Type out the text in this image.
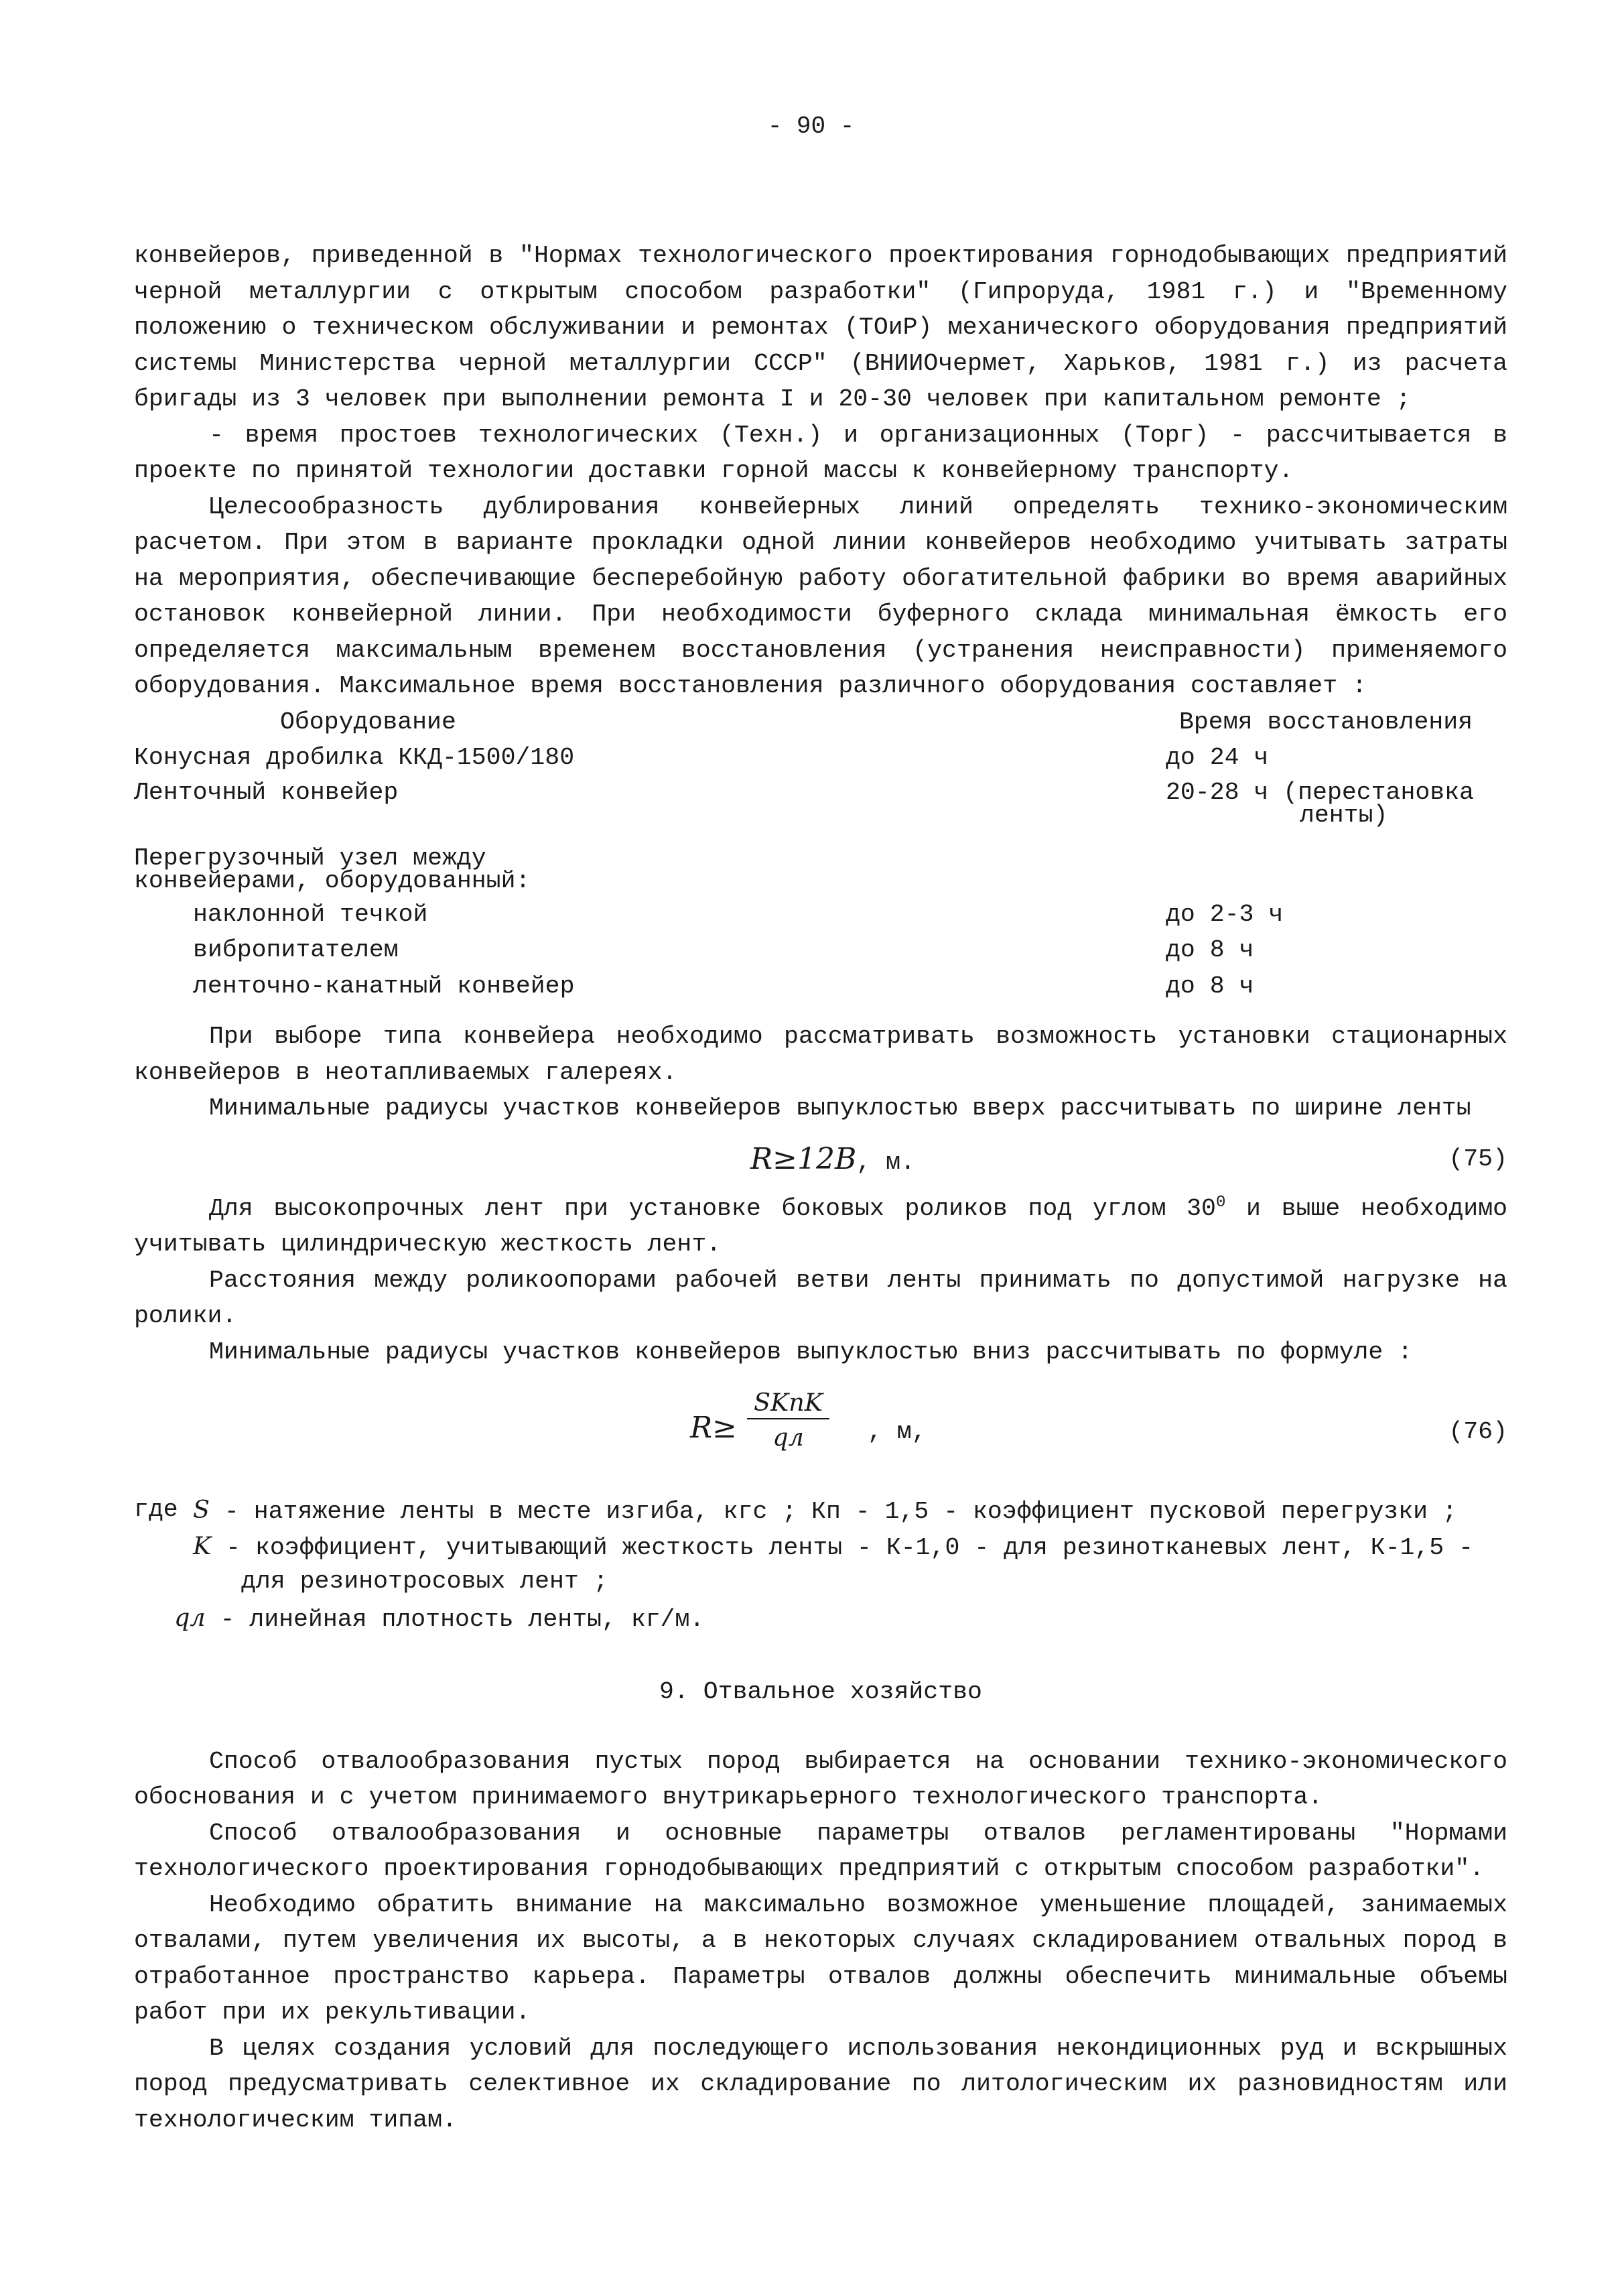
- 90 -

конвейеров, приведенной в "Нормах технологического проектирования горнодобывающих предприятий черной металлургии с открытым способом разработки" (Гипроруда, 1981 г.) и "Временному положению о техническом обслуживании и ремонтах (ТОиР) механического оборудования предприятий системы Министерства черной металлургии СССР" (ВНИИОчермет, Харьков, 1981 г.) из расчета бригады из 3 человек при выполнении ремонта I и 20-30 человек при капитальном ремонте ;

- время простоев технологических (Техн.) и организационных (Торг) - рассчитывается в проекте по принятой технологии доставки горной массы к конвейерному транспорту.

Целесообразность дублирования конвейерных линий определять технико-экономическим расчетом. При этом в варианте прокладки одной линии конвейеров необходимо учитывать затраты на мероприятия, обеспечивающие бесперебойную работу обогатительной фабрики во время аварийных остановок конвейерной линии. При необходимости буферного склада минимальная ёмкость его определяется максимальным временем восстановления (устранения неисправности) применяемого оборудования. Максимальное время восстановления различного оборудования составляет :

Оборудование	Время восстановления
Конусная дробилка ККД-1500/180	до 24 ч
Ленточный конвейер	20-28 ч (перестановка
ленты)
Перегрузочный узел между
конвейерами, оборудованный:
наклонной течкой	до 2-3 ч
вибропитателем	до 8 ч
ленточно-канатный конвейер	до 8 ч

При выборе типа конвейера необходимо рассматривать возможность установки стационарных конвейеров в неотапливаемых галереях.

Минимальные радиусы участков конвейеров выпуклостью вверх рассчитывать по ширине ленты

R≥12B, м.	(75)

Для высокопрочных лент при установке боковых роликов под углом $30^0$ и выше необходимо учитывать цилиндрическую жесткость лент.

Расстояния между роликоопорами рабочей ветви ленты принимать по допустимой нагрузке на ролики.

Минимальные радиусы участков конвейеров выпуклостью вниз рассчитывать по формуле :

R≥
SKпK
qл	, м,	(76)
где S - натяжение ленты в месте изгиба, кгс ; Кп - 1,5 - коэффициент пусковой перегрузки ;
K - коэффициент, учитывающий жесткость ленты - К-1,0 - для резинотканевых лент, К-1,5 -
для резинотросовых лент ;
qл - линейная плотность ленты, кг/м.
9. Отвальное хозяйство

Способ отвалообразования пустых пород выбирается на основании технико-экономического обоснования и с учетом принимаемого внутрикарьерного технологического транспорта.

Способ отвалообразования и основные параметры отвалов регламентированы "Нормами технологического проектирования горнодобывающих предприятий с открытым способом разработки".

Необходимо обратить внимание на максимально возможное уменьшение площадей, занимаемых отвалами, путем увеличения их высоты, а в некоторых случаях складированием отвальных пород в отработанное пространство карьера. Параметры отвалов должны обеспечить минимальные объемы работ при их рекультивации.

В целях создания условий для последующего использования некондиционных руд и вскрышных пород предусматривать селективное их складирование по литологическим их разновидностям или технологическим типам.
